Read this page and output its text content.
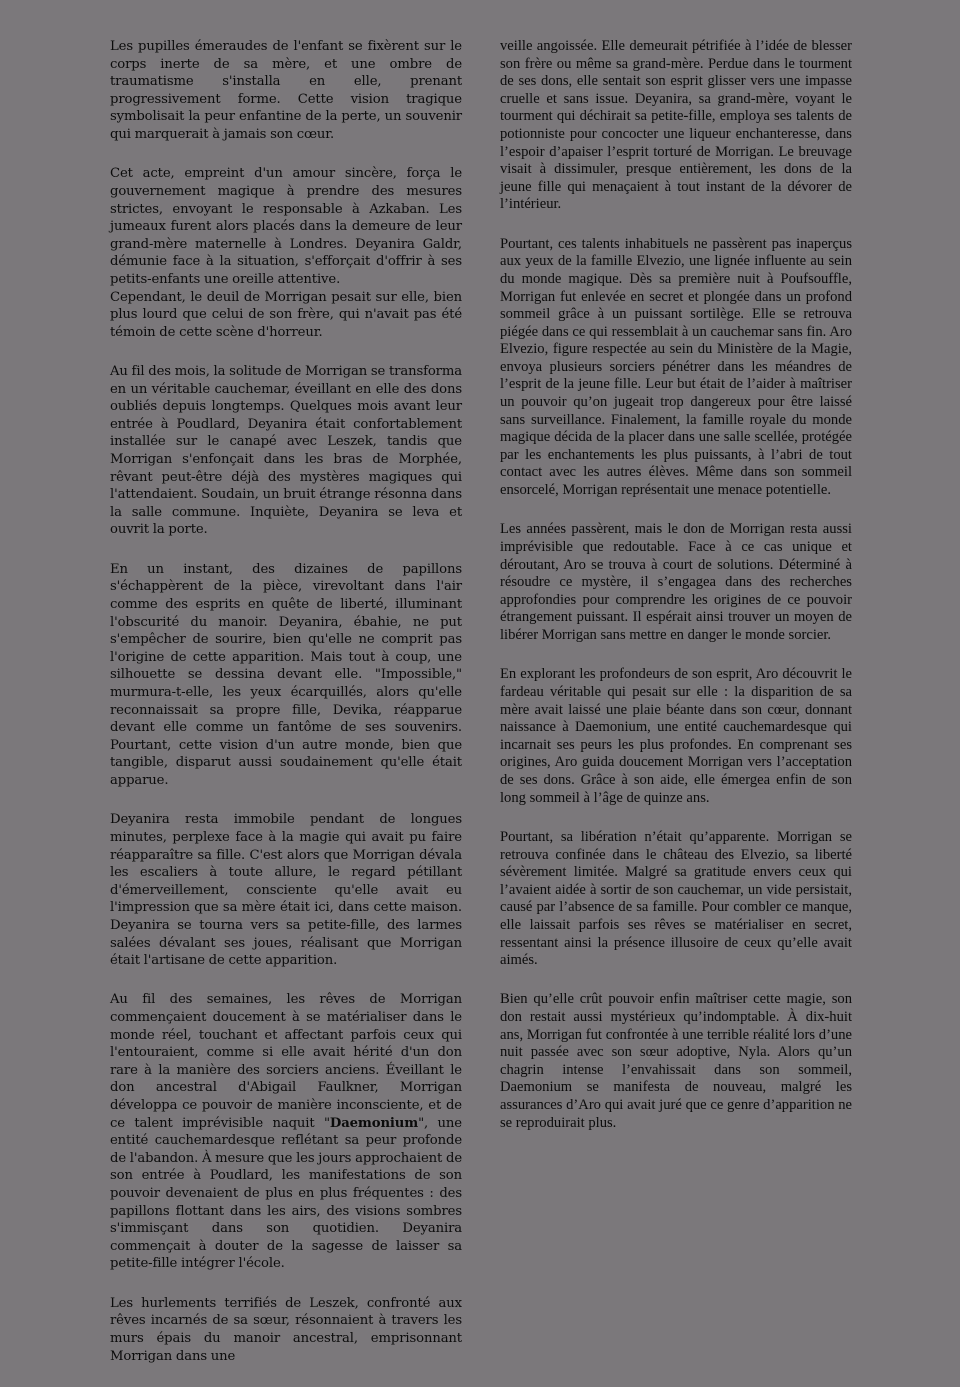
Les pupilles émeraudes de l'enfant se fixèrent sur le corps inerte de sa mère, et une ombre de traumatisme s'installa en elle, prenant progressivement forme. Cette vision tragique symbolisait la peur enfantine de la perte, un souvenir qui marquerait à jamais son cœur.

Cet acte, empreint d'un amour sincère, força le gouvernement magique à prendre des mesures strictes, envoyant le responsable à Azkaban. Les jumeaux furent alors placés dans la demeure de leur grand-mère maternelle à Londres. Deyanira Galdr, démunie face à la situation, s'efforçait d'offrir à ses petits-enfants une oreille attentive.

Cependant, le deuil de Morrigan pesait sur elle, bien plus lourd que celui de son frère, qui n'avait pas été témoin de cette scène d'horreur.

Au fil des mois, la solitude de Morrigan se transforma en un véritable cauchemar, éveillant en elle des dons oubliés depuis longtemps. Quelques mois avant leur entrée à Poudlard, Deyanira était confortablement installée sur le canapé avec Leszek, tandis que Morrigan s'enfonçait dans les bras de Morphée, rêvant peut-être déjà des mystères magiques qui l'attendaient. Soudain, un bruit étrange résonna dans la salle commune. Inquiète, Deyanira se leva et ouvrit la porte.

En un instant, des dizaines de papillons s'échappèrent de la pièce, virevoltant dans l'air comme des esprits en quête de liberté, illuminant l'obscurité du manoir. Deyanira, ébahie, ne put s'empêcher de sourire, bien qu'elle ne comprit pas l'origine de cette apparition. Mais tout à coup, une silhouette se dessina devant elle. "Impossible," murmura-t-elle, les yeux écarquillés, alors qu'elle reconnaissait sa propre fille, Devika, réapparue devant elle comme un fantôme de ses souvenirs. Pourtant, cette vision d'un autre monde, bien que tangible, disparut aussi soudainement qu'elle était apparue.

Deyanira resta immobile pendant de longues minutes, perplexe face à la magie qui avait pu faire réapparaître sa fille. C'est alors que Morrigan dévala les escaliers à toute allure, le regard pétillant d'émerveillement, consciente qu'elle avait eu l'impression que sa mère était ici, dans cette maison. Deyanira se tourna vers sa petite-fille, des larmes salées dévalant ses joues, réalisant que Morrigan était l'artisane de cette apparition.

Au fil des semaines, les rêves de Morrigan commençaient doucement à se matérialiser dans le monde réel, touchant et affectant parfois ceux qui l'entouraient, comme si elle avait hérité d'un don rare à la manière des sorciers anciens. Éveillant le don ancestral d'Abigail Faulkner, Morrigan développa ce pouvoir de manière inconsciente, et de ce talent imprévisible naquit "Daemonium", une entité cauchemardesque reflétant sa peur profonde de l'abandon. À mesure que les jours approchaient de son entrée à Poudlard, les manifestations de son pouvoir devenaient de plus en plus fréquentes : des papillons flottant dans les airs, des visions sombres s'immisçant dans son quotidien. Deyanira commençait à douter de la sagesse de laisser sa petite-fille intégrer l'école.

Les hurlements terrifiés de Leszek, confronté aux rêves incarnés de sa sœur, résonnaient à travers les murs épais du manoir ancestral, emprisonnant Morrigan dans une

veille angoissée. Elle demeurait pétrifiée à l’idée de blesser son frère ou même sa grand-mère. Perdue dans le tourment de ses dons, elle sentait son esprit glisser vers une impasse cruelle et sans issue. Deyanira, sa grand-mère, voyant le tourment qui déchirait sa petite-fille, employa ses talents de potionniste pour concocter une liqueur enchanteresse, dans l’espoir d’apaiser l’esprit torturé de Morrigan. Le breuvage visait à dissimuler, presque entièrement, les dons de la jeune fille qui menaçaient à tout instant de la dévorer de l’intérieur.

Pourtant, ces talents inhabituels ne passèrent pas inaperçus aux yeux de la famille Elvezio, une lignée influente au sein du monde magique. Dès sa première nuit à Poufsouffle, Morrigan fut enlevée en secret et plongée dans un profond sommeil grâce à un puissant sortilège. Elle se retrouva piégée dans ce qui ressemblait à un cauchemar sans fin. Aro Elvezio, figure respectée au sein du Ministère de la Magie, envoya plusieurs sorciers pénétrer dans les méandres de l’esprit de la jeune fille. Leur but était de l’aider à maîtriser un pouvoir qu’on jugeait trop dangereux pour être laissé sans surveillance. Finalement, la famille royale du monde magique décida de la placer dans une salle scellée, protégée par les enchantements les plus puissants, à l’abri de tout contact avec les autres élèves. Même dans son sommeil ensorcelé, Morrigan représentait une menace potentielle.

Les années passèrent, mais le don de Morrigan resta aussi imprévisible que redoutable. Face à ce cas unique et déroutant, Aro se trouva à court de solutions. Déterminé à résoudre ce mystère, il s’engagea dans des recherches approfondies pour comprendre les origines de ce pouvoir étrangement puissant. Il espérait ainsi trouver un moyen de libérer Morrigan sans mettre en danger le monde sorcier.

En explorant les profondeurs de son esprit, Aro découvrit le fardeau véritable qui pesait sur elle : la disparition de sa mère avait laissé une plaie béante dans son cœur, donnant naissance à Daemonium, une entité cauchemardesque qui incarnait ses peurs les plus profondes. En comprenant ses origines, Aro guida doucement Morrigan vers l’acceptation de ses dons. Grâce à son aide, elle émergea enfin de son long sommeil à l’âge de quinze ans.

Pourtant, sa libération n’était qu’apparente. Morrigan se retrouva confinée dans le château des Elvezio, sa liberté sévèrement limitée. Malgré sa gratitude envers ceux qui l’avaient aidée à sortir de son cauchemar, un vide persistait, causé par l’absence de sa famille. Pour combler ce manque, elle laissait parfois ses rêves se matérialiser en secret, ressentant ainsi la présence illusoire de ceux qu’elle avait aimés.

Bien qu’elle crût pouvoir enfin maîtriser cette magie, son don restait aussi mystérieux qu’indomptable. À dix-huit ans, Morrigan fut confrontée à une terrible réalité lors d’une nuit passée avec son sœur adoptive, Nyla. Alors qu’un chagrin intense l’envahissait dans son sommeil, Daemonium se manifesta de nouveau, malgré les assurances d’Aro qui avait juré que ce genre d’apparition ne se reproduirait plus.
